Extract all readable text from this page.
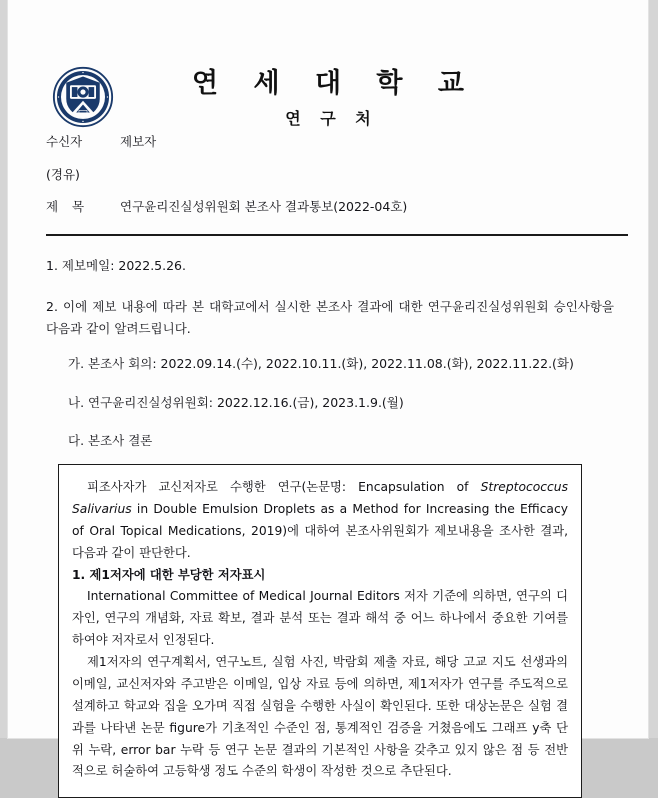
연 세 대 학 교
연 구 처
수신자	제보자
(경유)
제 목	연구윤리진실성위원회 본조사 결과통보(2022-04호)
1. 제보메일: 2022.5.26.
2. 이에 제보 내용에 따라 본 대학교에서 실시한 본조사 결과에 대한 연구윤리진실성위원회 승인사항을 다음과 같이 알려드립니다.
가. 본조사 회의: 2022.09.14.(수), 2022.10.11.(화), 2022.11.08.(화), 2022.11.22.(화)
나. 연구윤리진실성위원회: 2022.12.16.(금), 2023.1.9.(월)
다. 본조사 결론

피조사자가 교신저자로 수행한 연구(논문명: Encapsulation of Streptococcus Salivarius in Double Emulsion Droplets as a Method for Increasing the Efficacy of Oral Topical Medications, 2019)에 대하여 본조사위원회가 제보내용을 조사한 결과, 다음과 같이 판단한다.

1. 제1저자에 대한 부당한 저자표시

International Committee of Medical Journal Editors 저자 기준에 의하면, 연구의 디자인, 연구의 개념화, 자료 확보, 결과 분석 또는 결과 해석 중 어느 하나에서 중요한 기여를 하여야 저자로서 인정된다.

제1저자의 연구계획서, 연구노트, 실험 사진, 박람회 제출 자료, 해당 고교 지도 선생과의 이메일, 교신저자와 주고받은 이메일, 입상 자료 등에 의하면, 제1저자가 연구를 주도적으로 설계하고 학교와 집을 오가며 직접 실험을 수행한 사실이 확인된다. 또한 대상논문은 실험 결과를 나타낸 논문 figure가 기초적인 수준인 점, 통계적인 검증을 거쳤음에도 그래프 y축 단위 누락, error bar 누락 등 연구 논문 결과의 기본적인 사항을 갖추고 있지 않은 점 등 전반적으로 허술하여 고등학생 정도 수준의 학생이 작성한 것으로 추단된다.
